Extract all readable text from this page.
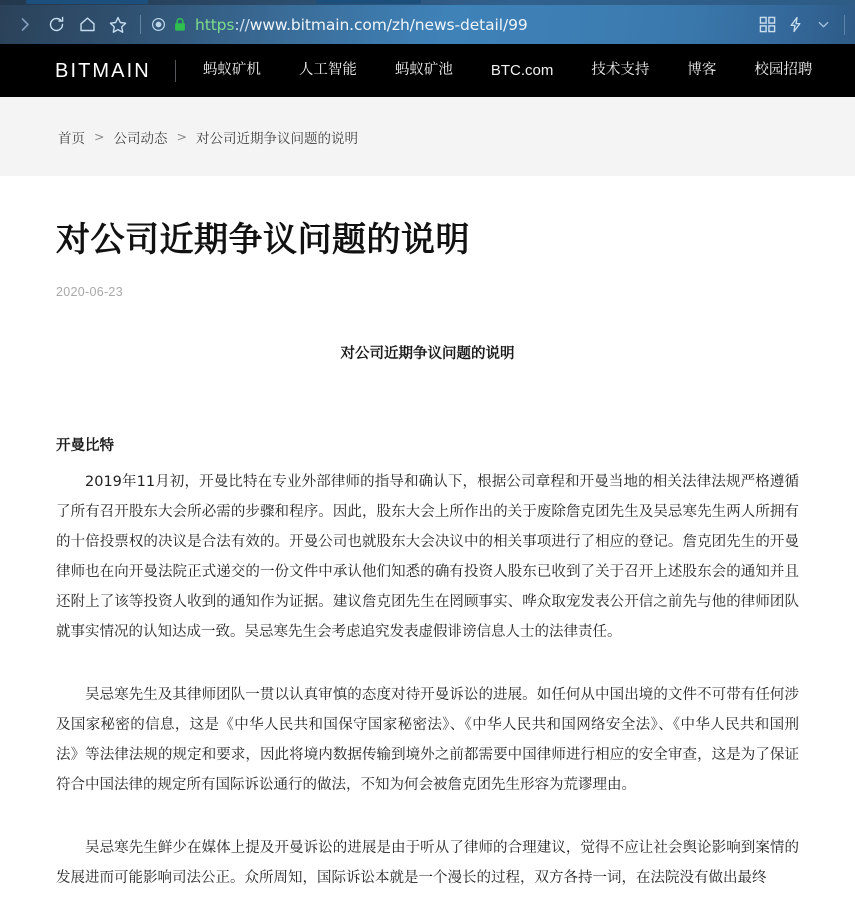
https://www.bitmain.com/zh/news-detail/99
BITMAIN	蚂蚁矿机	人工智能	蚂蚁矿池	BTC.com	技术支持	博客	校园招聘
首页 > 公司动态 > 对公司近期争议问题的说明
对公司近期争议问题的说明
2020-06-23
对公司近期争议问题的说明
开曼比特

2019年11月初，开曼比特在专业外部律师的指导和确认下，根据公司章程和开曼当地的相关法律法规严格遵循了所有召开股东大会所必需的步骤和程序。因此，股东大会上所作出的关于废除詹克团先生及吴忌寒先生两人所拥有的十倍投票权的决议是合法有效的。开曼公司也就股东大会决议中的相关事项进行了相应的登记。詹克团先生的开曼律师也在向开曼法院正式递交的一份文件中承认他们知悉的确有投资人股东已收到了关于召开上述股东会的通知并且还附上了该等投资人收到的通知作为证据。建议詹克团先生在罔顾事实、哗众取宠发表公开信之前先与他的律师团队就事实情况的认知达成一致。吴忌寒先生会考虑追究发表虚假诽谤信息人士的法律责任。

吴忌寒先生及其律师团队一贯以认真审慎的态度对待开曼诉讼的进展。如任何从中国出境的文件不可带有任何涉及国家秘密的信息，这是《中华人民共和国保守国家秘密法》、《中华人民共和国网络安全法》、《中华人民共和国刑法》等法律法规的规定和要求，因此将境内数据传输到境外之前都需要中国律师进行相应的安全审查，这是为了保证符合中国法律的规定所有国际诉讼通行的做法，不知为何会被詹克团先生形容为荒谬理由。

吴忌寒先生鲜少在媒体上提及开曼诉讼的进展是由于听从了律师的合理建议，觉得不应让社会舆论影响到案情的发展进而可能影响司法公正。众所周知，国际诉讼本就是一个漫长的过程，双方各持一词，在法院没有做出最终
